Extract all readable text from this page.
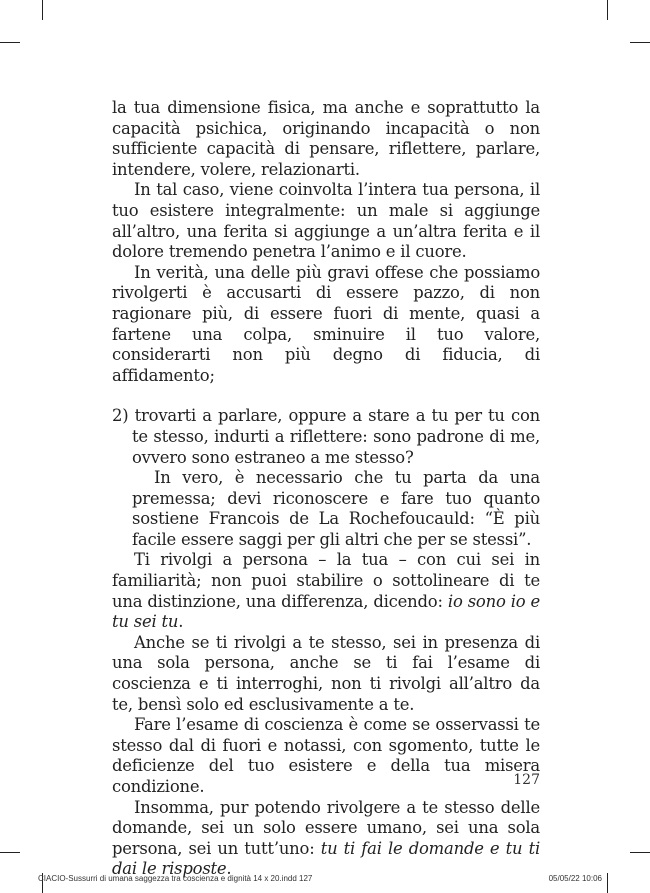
la tua dimensione fisica, ma anche e soprattutto la capacità psichica, originando incapacità o non sufficiente capacità di pensare, riflettere, parlare, intendere, volere, relazionarti.

In tal caso, viene coinvolta l’intera tua persona, il tuo esistere integralmente: un male si aggiunge all’altro, una ferita si aggiunge a un’altra ferita e il dolore tremendo penetra l’animo e il cuore.

In verità, una delle più gravi offese che possiamo rivolgerti è accusarti di essere pazzo, di non ragionare più, di essere fuori di mente, quasi a fartene una colpa, sminuire il tuo valore, considerarti non più degno di fiducia, di affidamento;

2) trovarti a parlare, oppure a stare a tu per tu con te stesso, indurti a riflettere: sono padrone di me, ovvero sono estraneo a me stesso?

In vero, è necessario che tu parta da una premessa; devi riconoscere e fare tuo quanto sostiene Francois de La Rochefoucauld: “È più facile essere saggi per gli altri che per se stessi”.

Ti rivolgi a persona – la tua – con cui sei in familiarità; non puoi stabilire o sottolineare di te una distinzione, una differenza, dicendo: io sono io e tu sei tu.

Anche se ti rivolgi a te stesso, sei in presenza di una sola persona, anche se ti fai l’esame di coscienza e ti interroghi, non ti rivolgi all’altro da te, bensì solo ed esclusivamente a te.

Fare l’esame di coscienza è come se osservassi te stesso dal di fuori e notassi, con sgomento, tutte le deficienze del tuo esistere e della tua misera condizione.

Insomma, pur potendo rivolgere a te stesso delle domande, sei un solo essere umano, sei una sola persona, sei un tutt’uno: tu ti fai le domande e tu ti dai le risposte.

127
CIACIO-Sussurri di umana saggezza tra coscienza e dignità 14 x 20.indd 127	05/05/22 10:06
